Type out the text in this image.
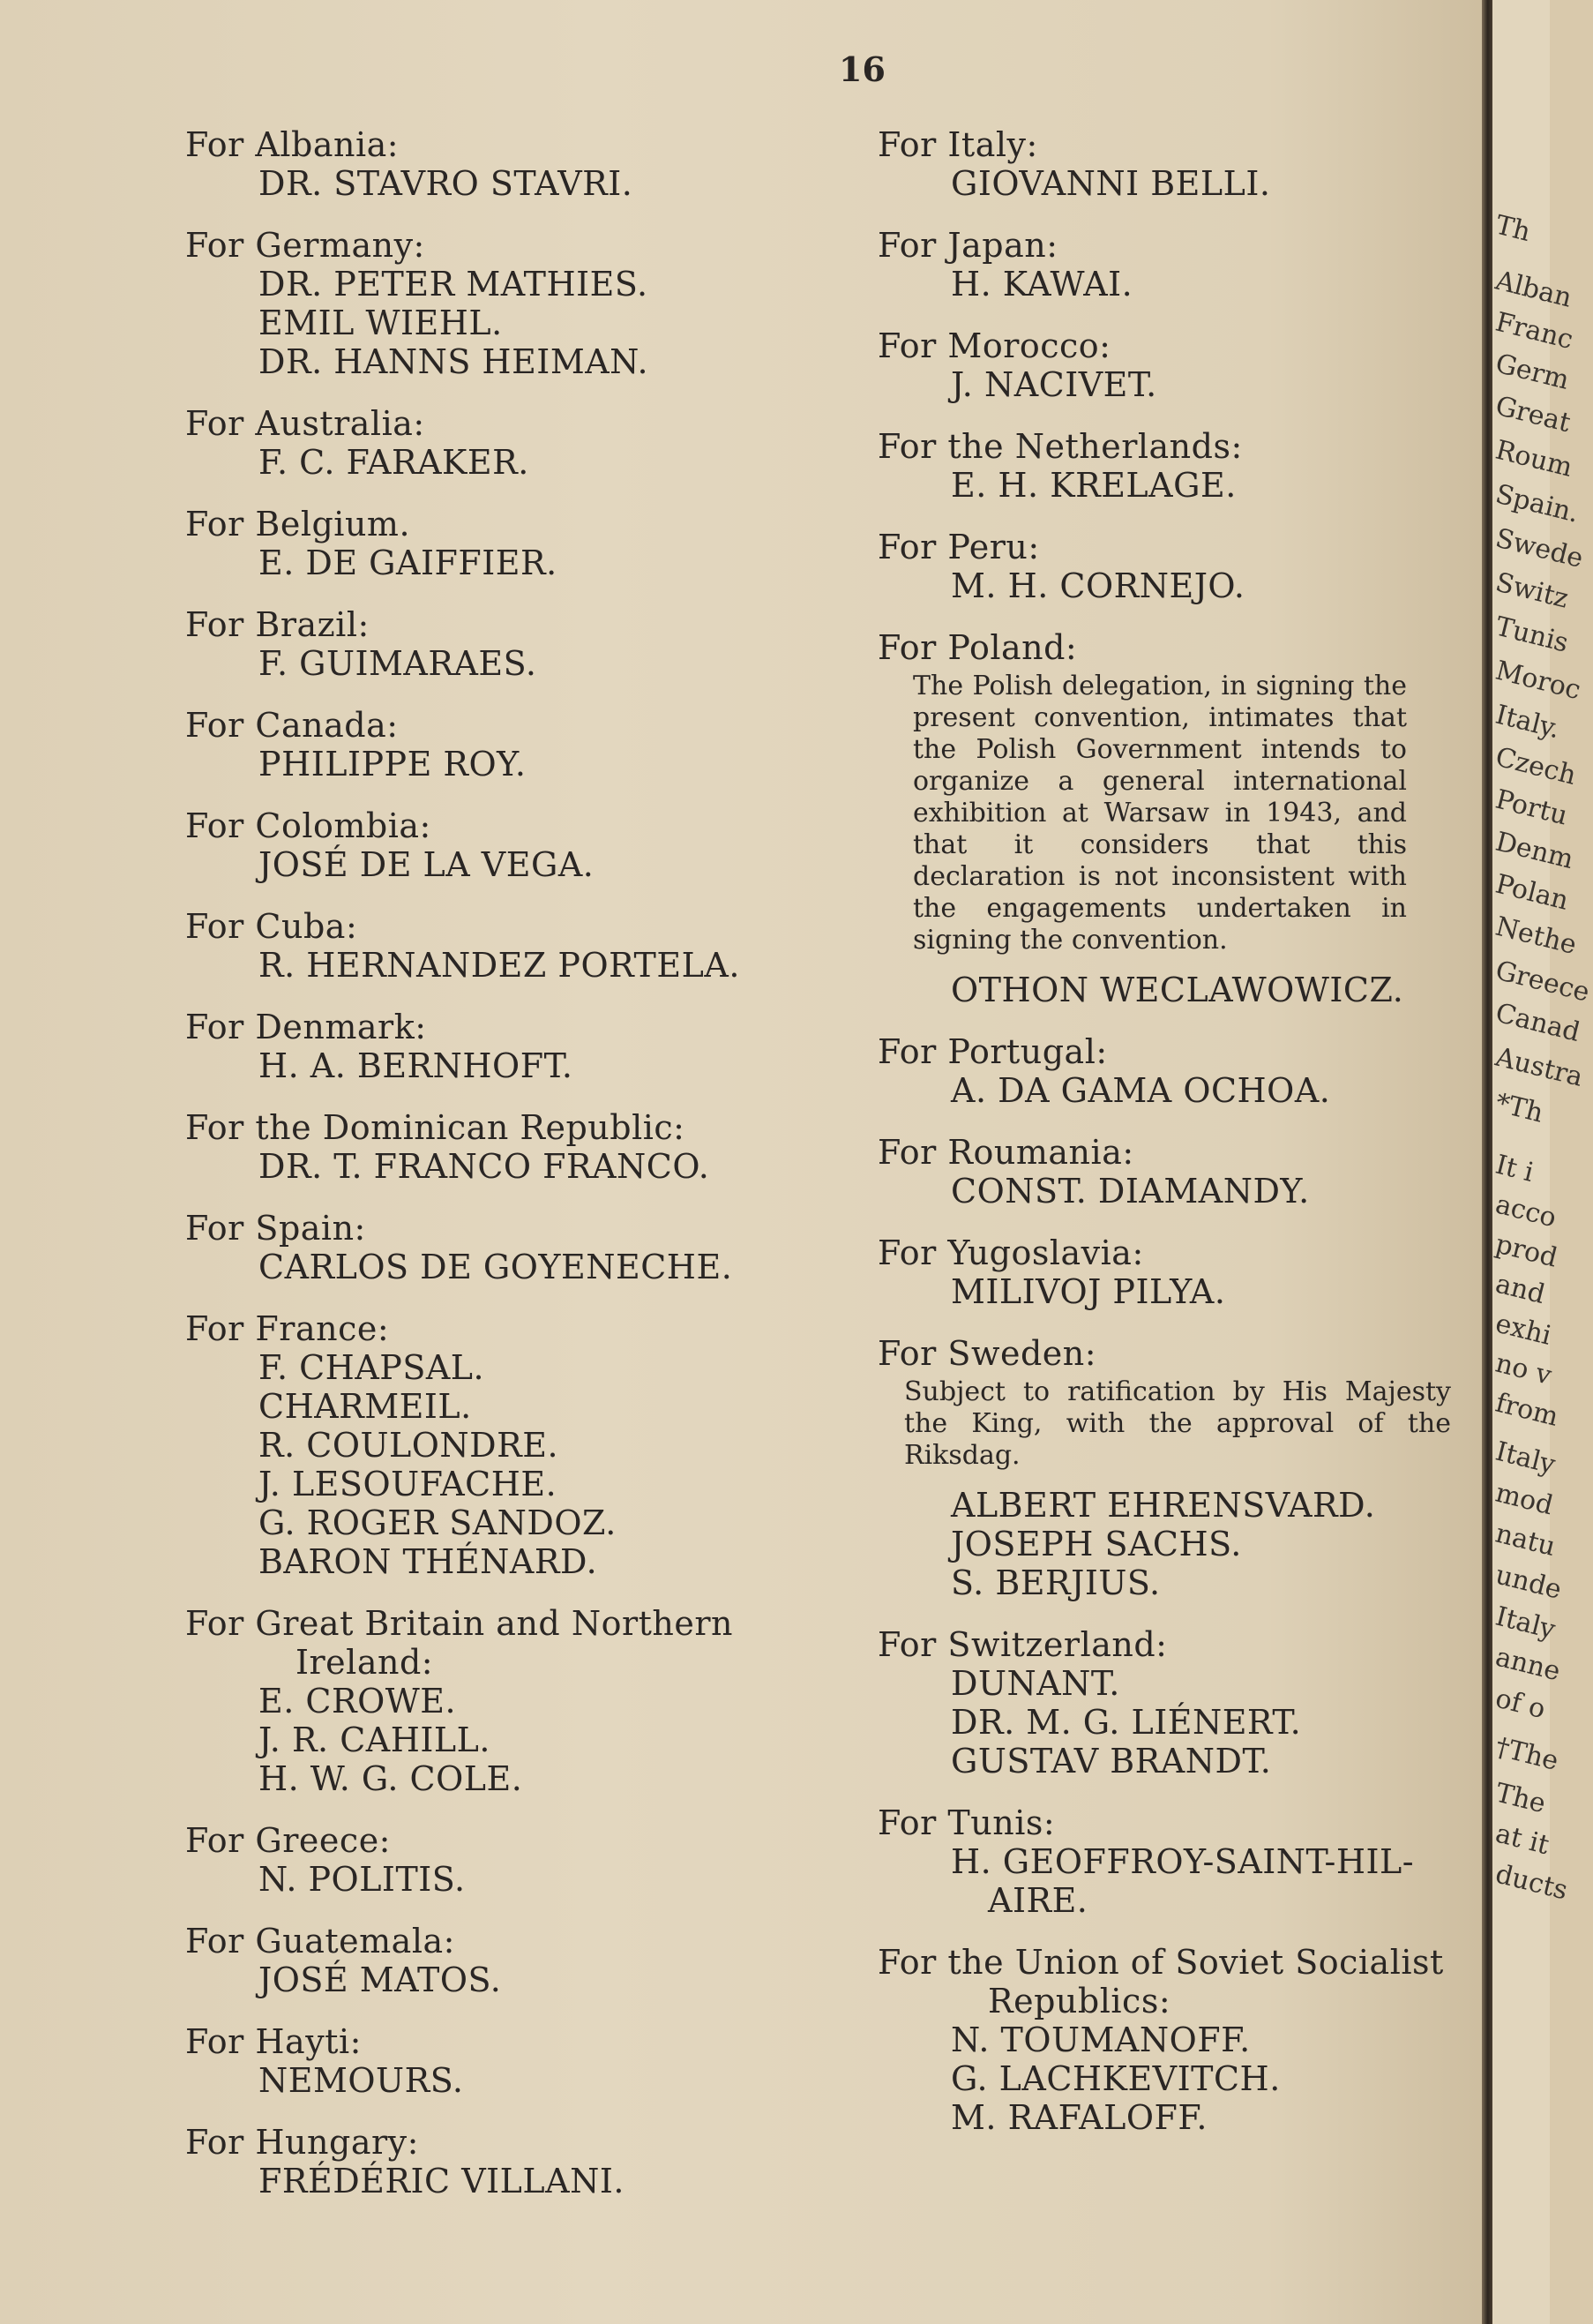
Th
Alban
Franc
Germ
Great
Roum
Spain.
Swede
Switz
Tunis
Moroc
Italy.
Czech
Portu
Denm
Polan
Nethe
Greece
Canad
Austra
*Th
It i
acco
prod
and
exhi
no v
from
Italy
mod
natu
unde
Italy
anne
of o
†The
The
at it
ducts
16
For Albania:
DR. STAVRO STAVRI.
For Germany:
DR. PETER MATHIES.
EMIL WIEHL.
DR. HANNS HEIMAN.
For Australia:
F. C. FARAKER.
For Belgium.
E. DE GAIFFIER.
For Brazil:
F. GUIMARAES.
For Canada:
PHILIPPE ROY.
For Colombia:
JOSÉ DE LA VEGA.
For Cuba:
R. HERNANDEZ PORTELA.
For Denmark:
H. A. BERNHOFT.
For the Dominican Republic:
DR. T. FRANCO FRANCO.
For Spain:
CARLOS DE GOYENECHE.
For France:
F. CHAPSAL.
CHARMEIL.
R. COULONDRE.
J. LESOUFACHE.
G. ROGER SANDOZ.
BARON THÉNARD.
For Great Britain and Northern
Ireland:
E. CROWE.
J. R. CAHILL.
H. W. G. COLE.
For Greece:
N. POLITIS.
For Guatemala:
JOSÉ MATOS.
For Hayti:
NEMOURS.
For Hungary:
FRÉDÉRIC VILLANI.
For Italy:
GIOVANNI BELLI.
For Japan:
H. KAWAI.
For Morocco:
J. NACIVET.
For the Netherlands:
E. H. KRELAGE.
For Peru:
M. H. CORNEJO.
For Poland:
The Polish delegation, in signing the present convention, intimates that the Polish Government intends to organize a general international exhibition at Warsaw in 1943, and that it considers that this declaration is not inconsistent with the engagements undertaken in signing the convention.
OTHON WECLAWOWICZ.
For Portugal:
A. DA GAMA OCHOA.
For Roumania:
CONST. DIAMANDY.
For Yugoslavia:
MILIVOJ PILYA.
For Sweden:
Subject to ratification by His Majesty the King, with the approval of the Riksdag.
ALBERT EHRENSVARD.
JOSEPH SACHS.
S. BERJIUS.
For Switzerland:
DUNANT.
DR. M. G. LIÉNERT.
GUSTAV BRANDT.
For Tunis:
H. GEOFFROY-SAINT-HIL-
AIRE.
For the Union of Soviet Socialist
Republics:
N. TOUMANOFF.
G. LACHKEVITCH.
M. RAFALOFF.
